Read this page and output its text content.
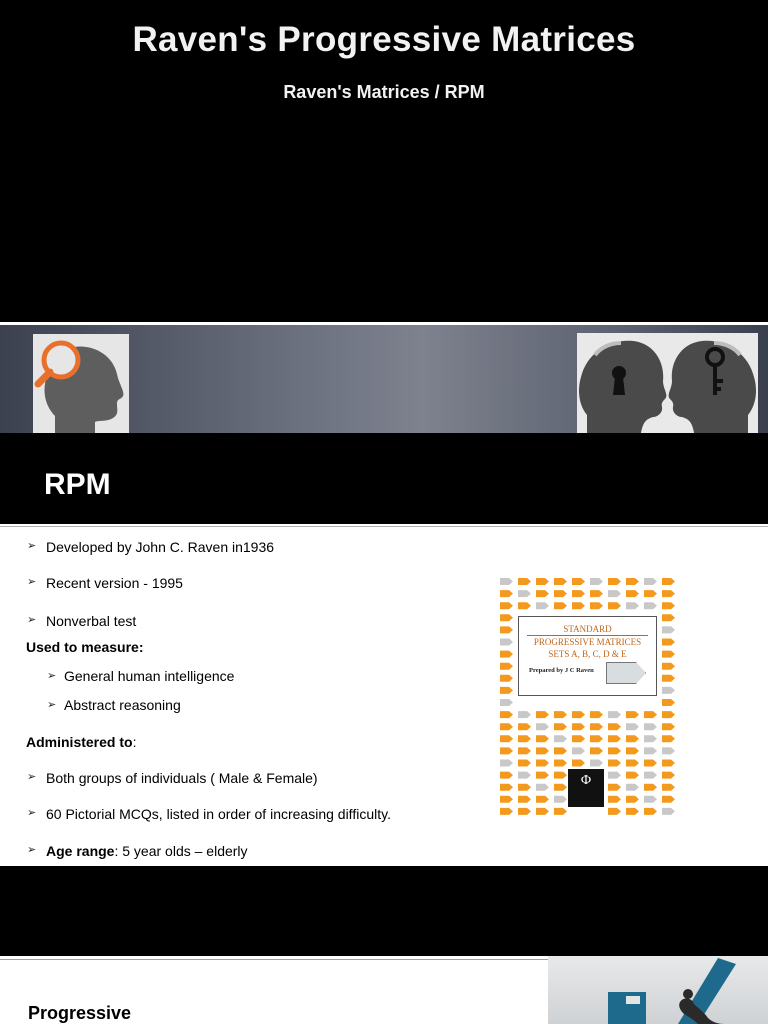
Raven's Progressive Matrices
Raven's Matrices / RPM
RPM
➢ Developed by John C. Raven in1936
➢ Recent version - 1995
➢ Nonverbal test
Used to measure:
➢ General human intelligence
➢ Abstract reasoning
Administered to:
➢ Both groups of individuals ( Male & Female)
➢ 60 Pictorial MCQs, listed in order of increasing difficulty.
➢ Age range: 5 year olds – elderly
STANDARD
PROGRESSIVE MATRICES
SETS A, B, C, D & E
Prepared by J C Raven
Φ
Progressive
